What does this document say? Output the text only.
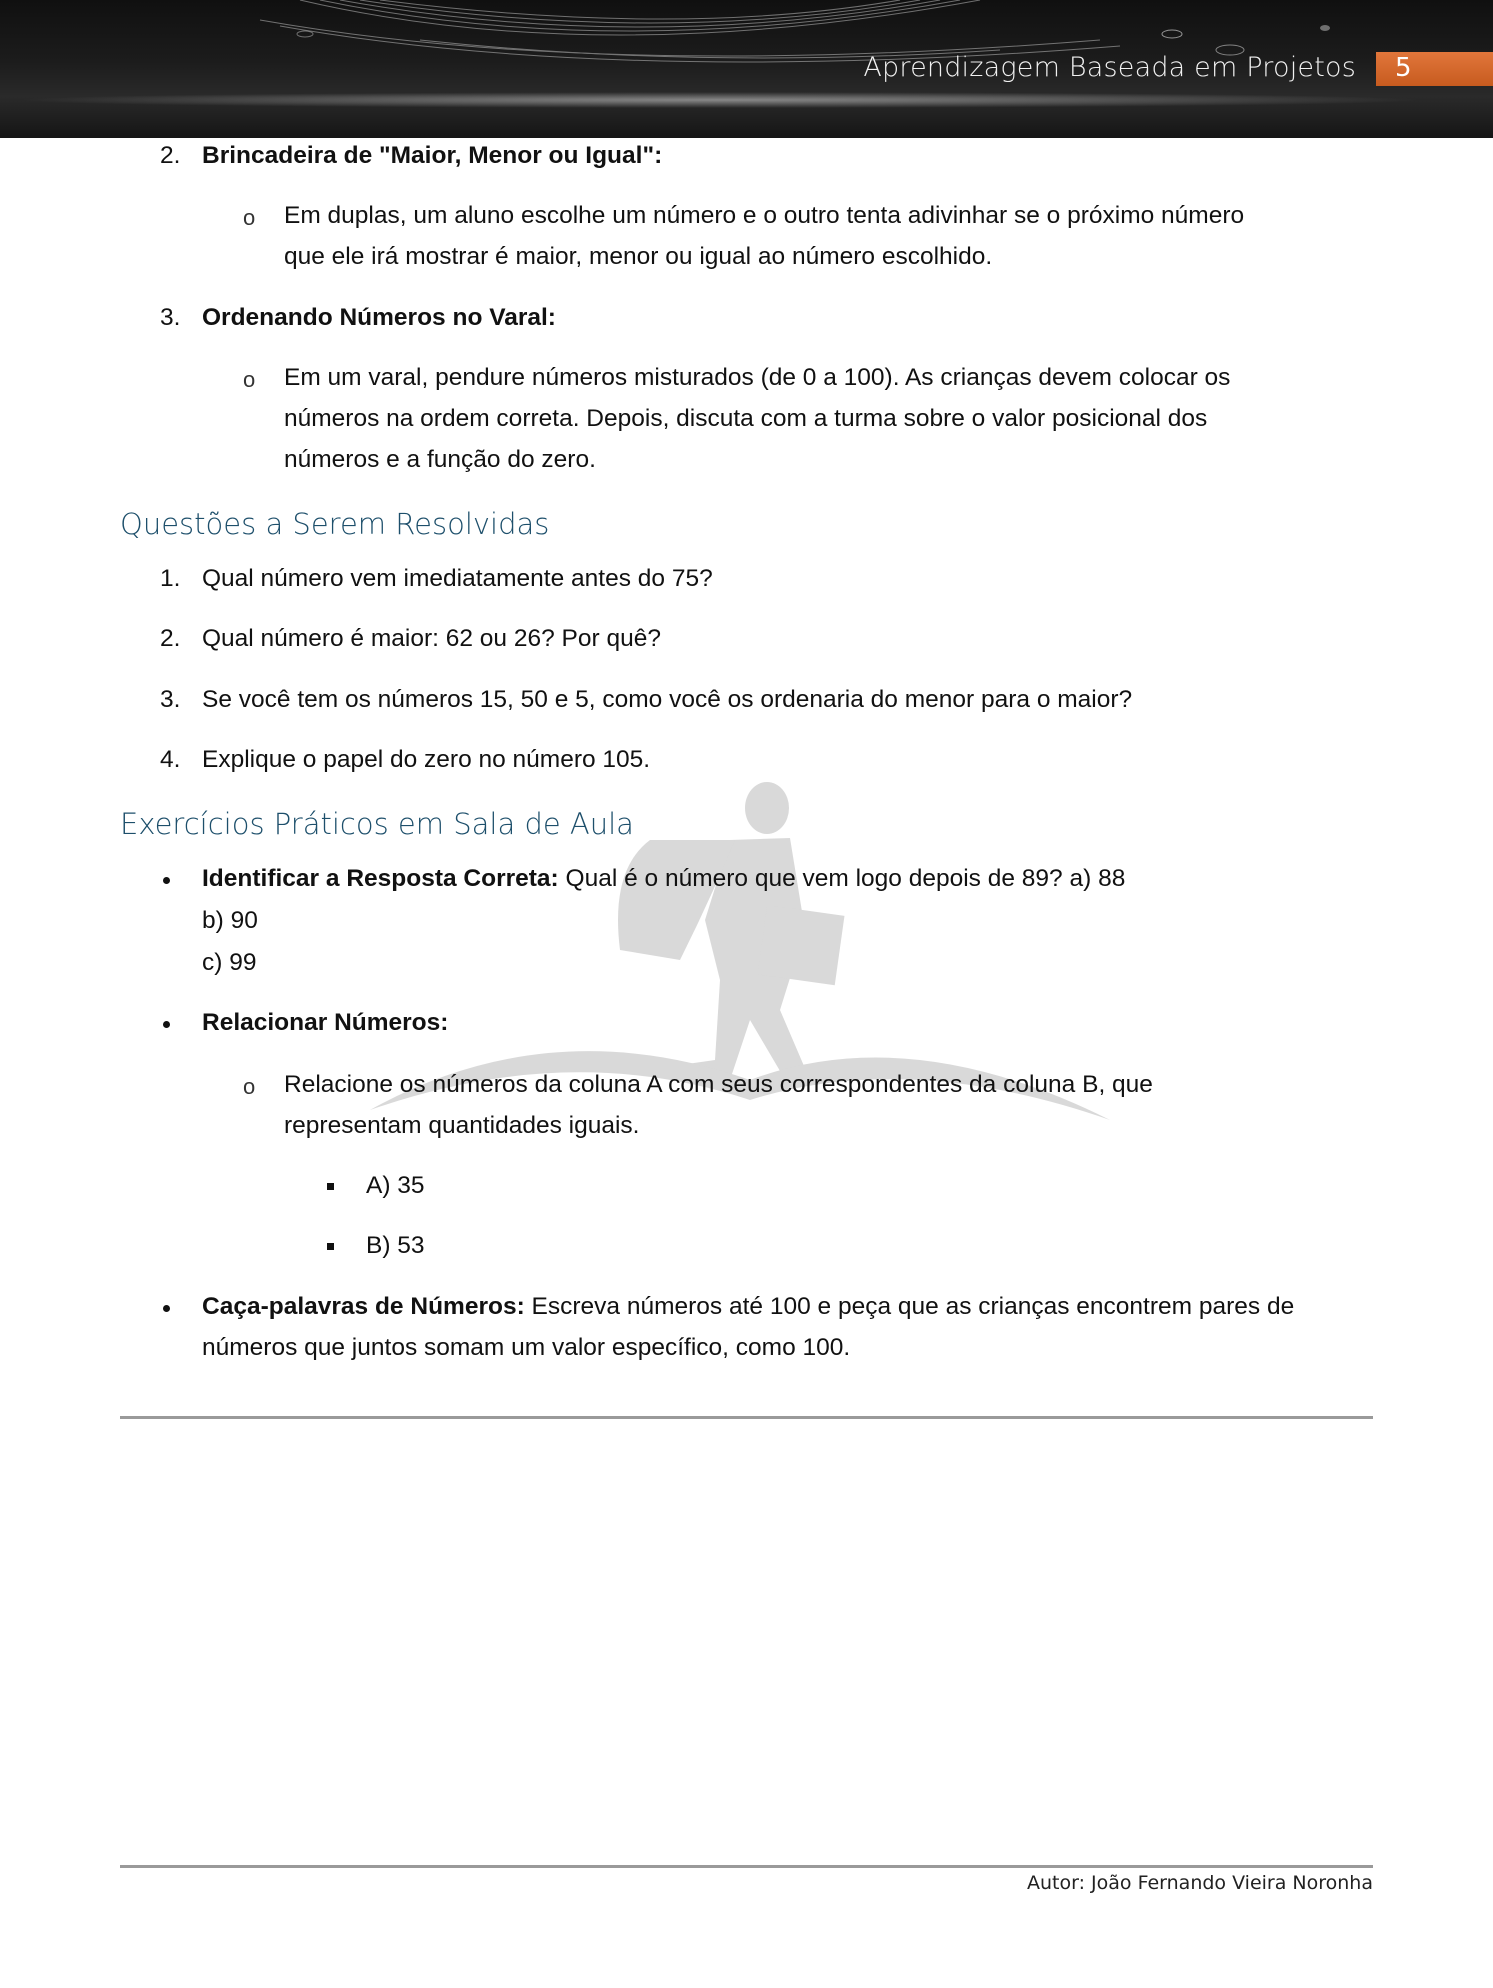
Aprendizagem Baseada em Projetos 5
2. Brincadeira de "Maior, Menor ou Igual":
o Em duplas, um aluno escolhe um número e o outro tenta adivinhar se o próximo número
que ele irá mostrar é maior, menor ou igual ao número escolhido.
3. Ordenando Números no Varal:
o Em um varal, pendure números misturados (de 0 a 100). As crianças devem colocar os
números na ordem correta. Depois, discuta com a turma sobre o valor posicional dos
números e a função do zero.
Questões a Serem Resolvidas
1. Qual número vem imediatamente antes do 75?
2. Qual número é maior: 62 ou 26? Por quê?
3. Se você tem os números 15, 50 e 5, como você os ordenaria do menor para o maior?
4. Explique o papel do zero no número 105.
Exercícios Práticos em Sala de Aula
Identificar a Resposta Correta: Qual é o número que vem logo depois de 89? a) 88
b) 90
c) 99
Relacionar Números:
o Relacione os números da coluna A com seus correspondentes da coluna B, que
representam quantidades iguais.
A) 35
B) 53
Caça-palavras de Números: Escreva números até 100 e peça que as crianças encontrem pares de
números que juntos somam um valor específico, como 100.
Autor: João Fernando Vieira Noronha
